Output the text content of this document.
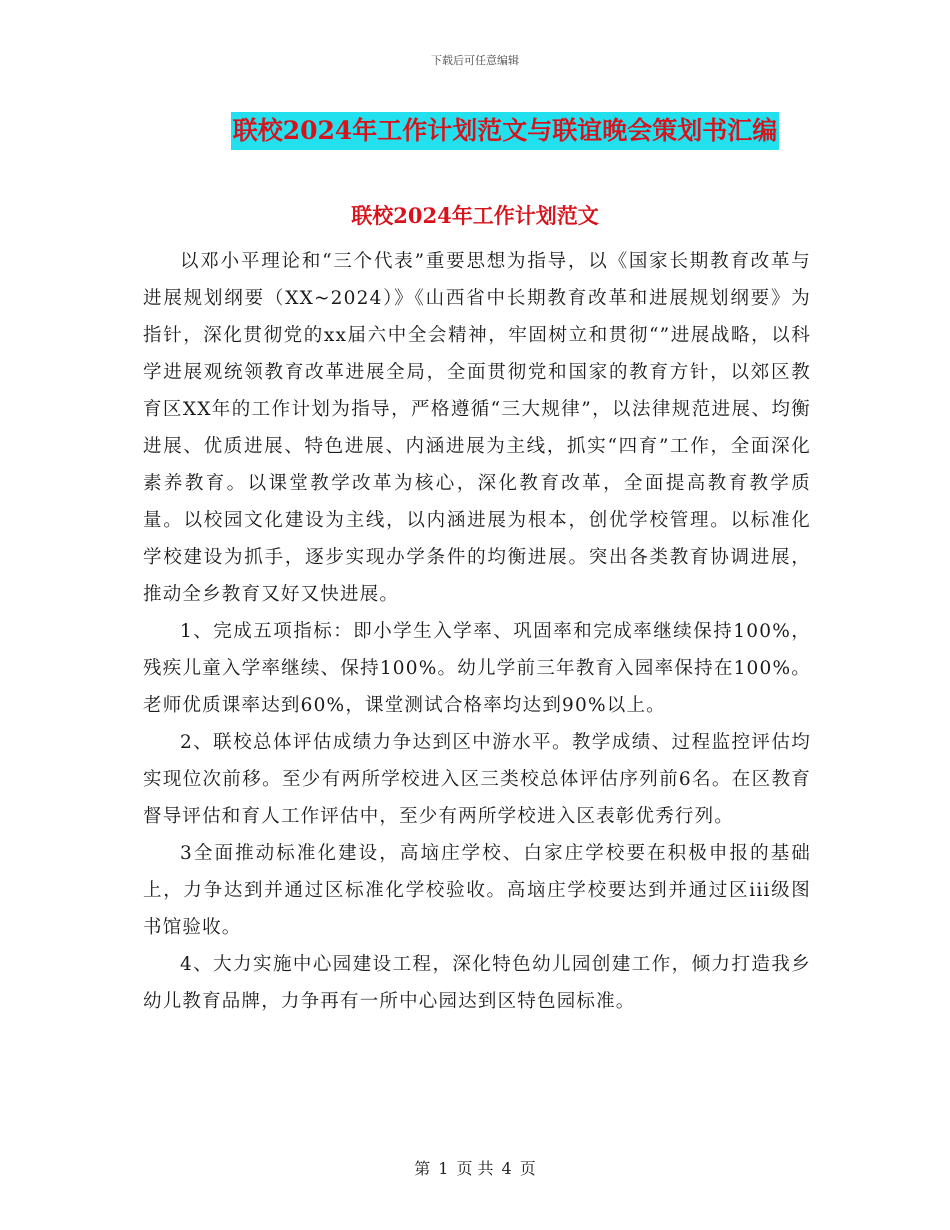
下载后可任意编辑
联校2024年工作计划范文与联谊晚会策划书汇编
联校2024年工作计划范文

以邓小平理论和“三个代表”重要思想为指导，以《国家长期教育改革与进展规划纲要（XX~2024）》《山西省中长期教育改革和进展规划纲要》为指针，深化贯彻党的xx届六中全会精神，牢固树立和贯彻“”进展战略，以科学进展观统领教育改革进展全局，全面贯彻党和国家的教育方针，以郊区教育区XX年的工作计划为指导，严格遵循“三大规律”，以法律规范进展、均衡进展、优质进展、特色进展、内涵进展为主线，抓实“四育”工作，全面深化素养教育。以课堂教学改革为核心，深化教育改革，全面提高教育教学质量。以校园文化建设为主线，以内涵进展为根本，创优学校管理。以标准化学校建设为抓手，逐步实现办学条件的均衡进展。突出各类教育协调进展，推动全乡教育又好又快进展。

1、完成五项指标：即小学生入学率、巩固率和完成率继续保持100%，残疾儿童入学率继续、保持100%。幼儿学前三年教育入园率保持在100%。老师优质课率达到60%，课堂测试合格率均达到90%以上。

2、联校总体评估成绩力争达到区中游水平。教学成绩、过程监控评估均实现位次前移。至少有两所学校进入区三类校总体评估序列前6名。在区教育督导评估和育人工作评估中，至少有两所学校进入区表彰优秀行列。

3全面推动标准化建设，高垴庄学校、白家庄学校要在积极申报的基础上，力争达到并通过区标准化学校验收。高垴庄学校要达到并通过区iii级图书馆验收。

4、大力实施中心园建设工程，深化特色幼儿园创建工作，倾力打造我乡幼儿教育品牌，力争再有一所中心园达到区特色园标准。

第 1 页 共 4 页
